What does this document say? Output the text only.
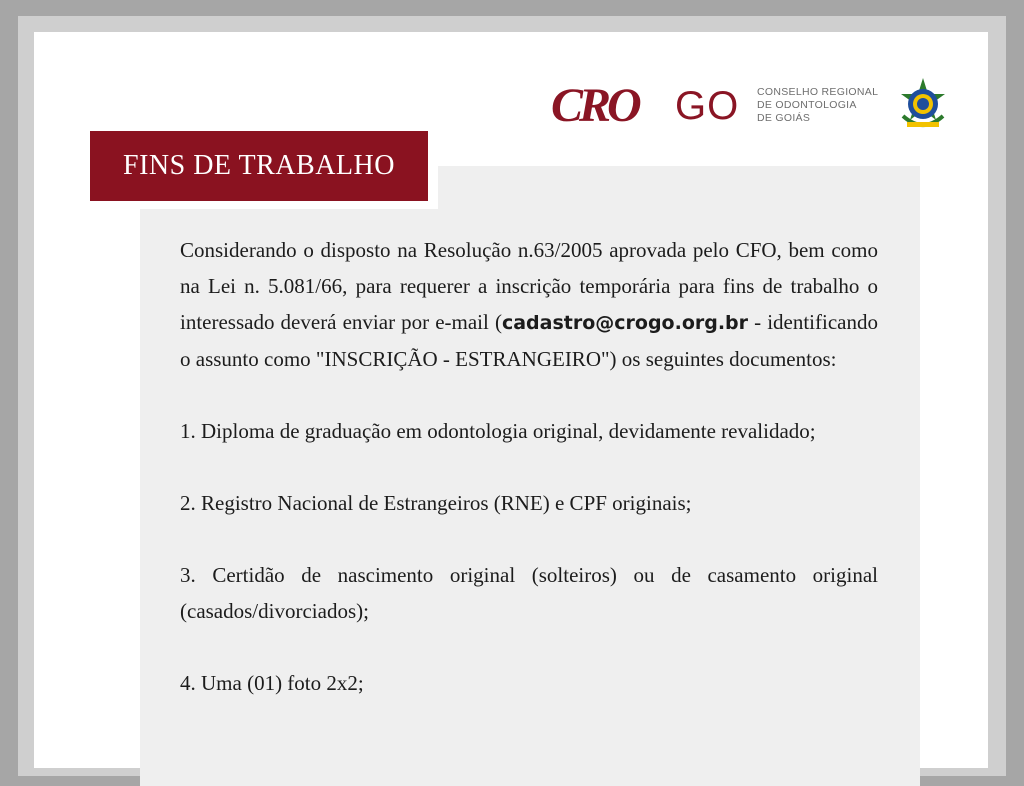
CRO GO CONSELHO REGIONAL
DE ODONTOLOGIA
DE GOIÁS
FINS DE TRABALHO

Considerando o disposto na Resolução n.63/2005 aprovada pelo CFO, bem como na Lei n. 5.081/66, para requerer a inscrição temporária para fins de trabalho o interessado deverá enviar por e-mail (cadastro@crogo.org.br - identificando o assunto como "INSCRIÇÃO - ESTRANGEIRO") os seguintes documentos:

1. Diploma de graduação em odontologia original, devidamente revalidado;

2. Registro Nacional de Estrangeiros (RNE) e CPF originais;

3. Certidão de nascimento original (solteiros) ou de casamento original (casados/divorciados);

4. Uma (01) foto 2x2;
